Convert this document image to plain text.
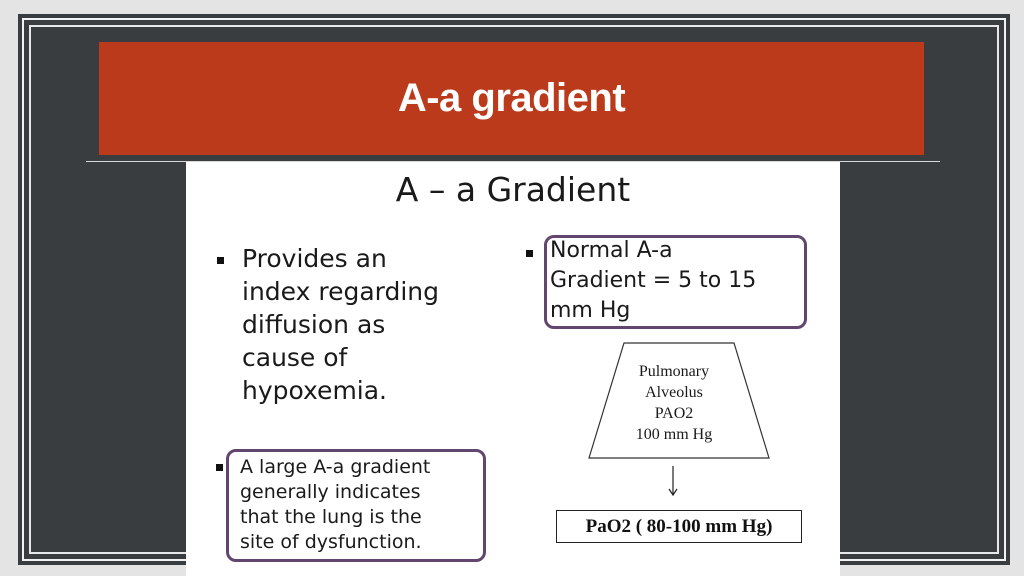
A-a gradient
A – a Gradient
Provides an
index regarding
diffusion as
cause of
hypoxemia.
A large A-a gradient
generally indicates
that the lung is the
site of dysfunction.
Normal A-a
Gradient = 5 to 15
mm Hg
Pulmonary
Alveolus
PAO2
100 mm Hg
PaO2 ( 80-100 mm Hg)
